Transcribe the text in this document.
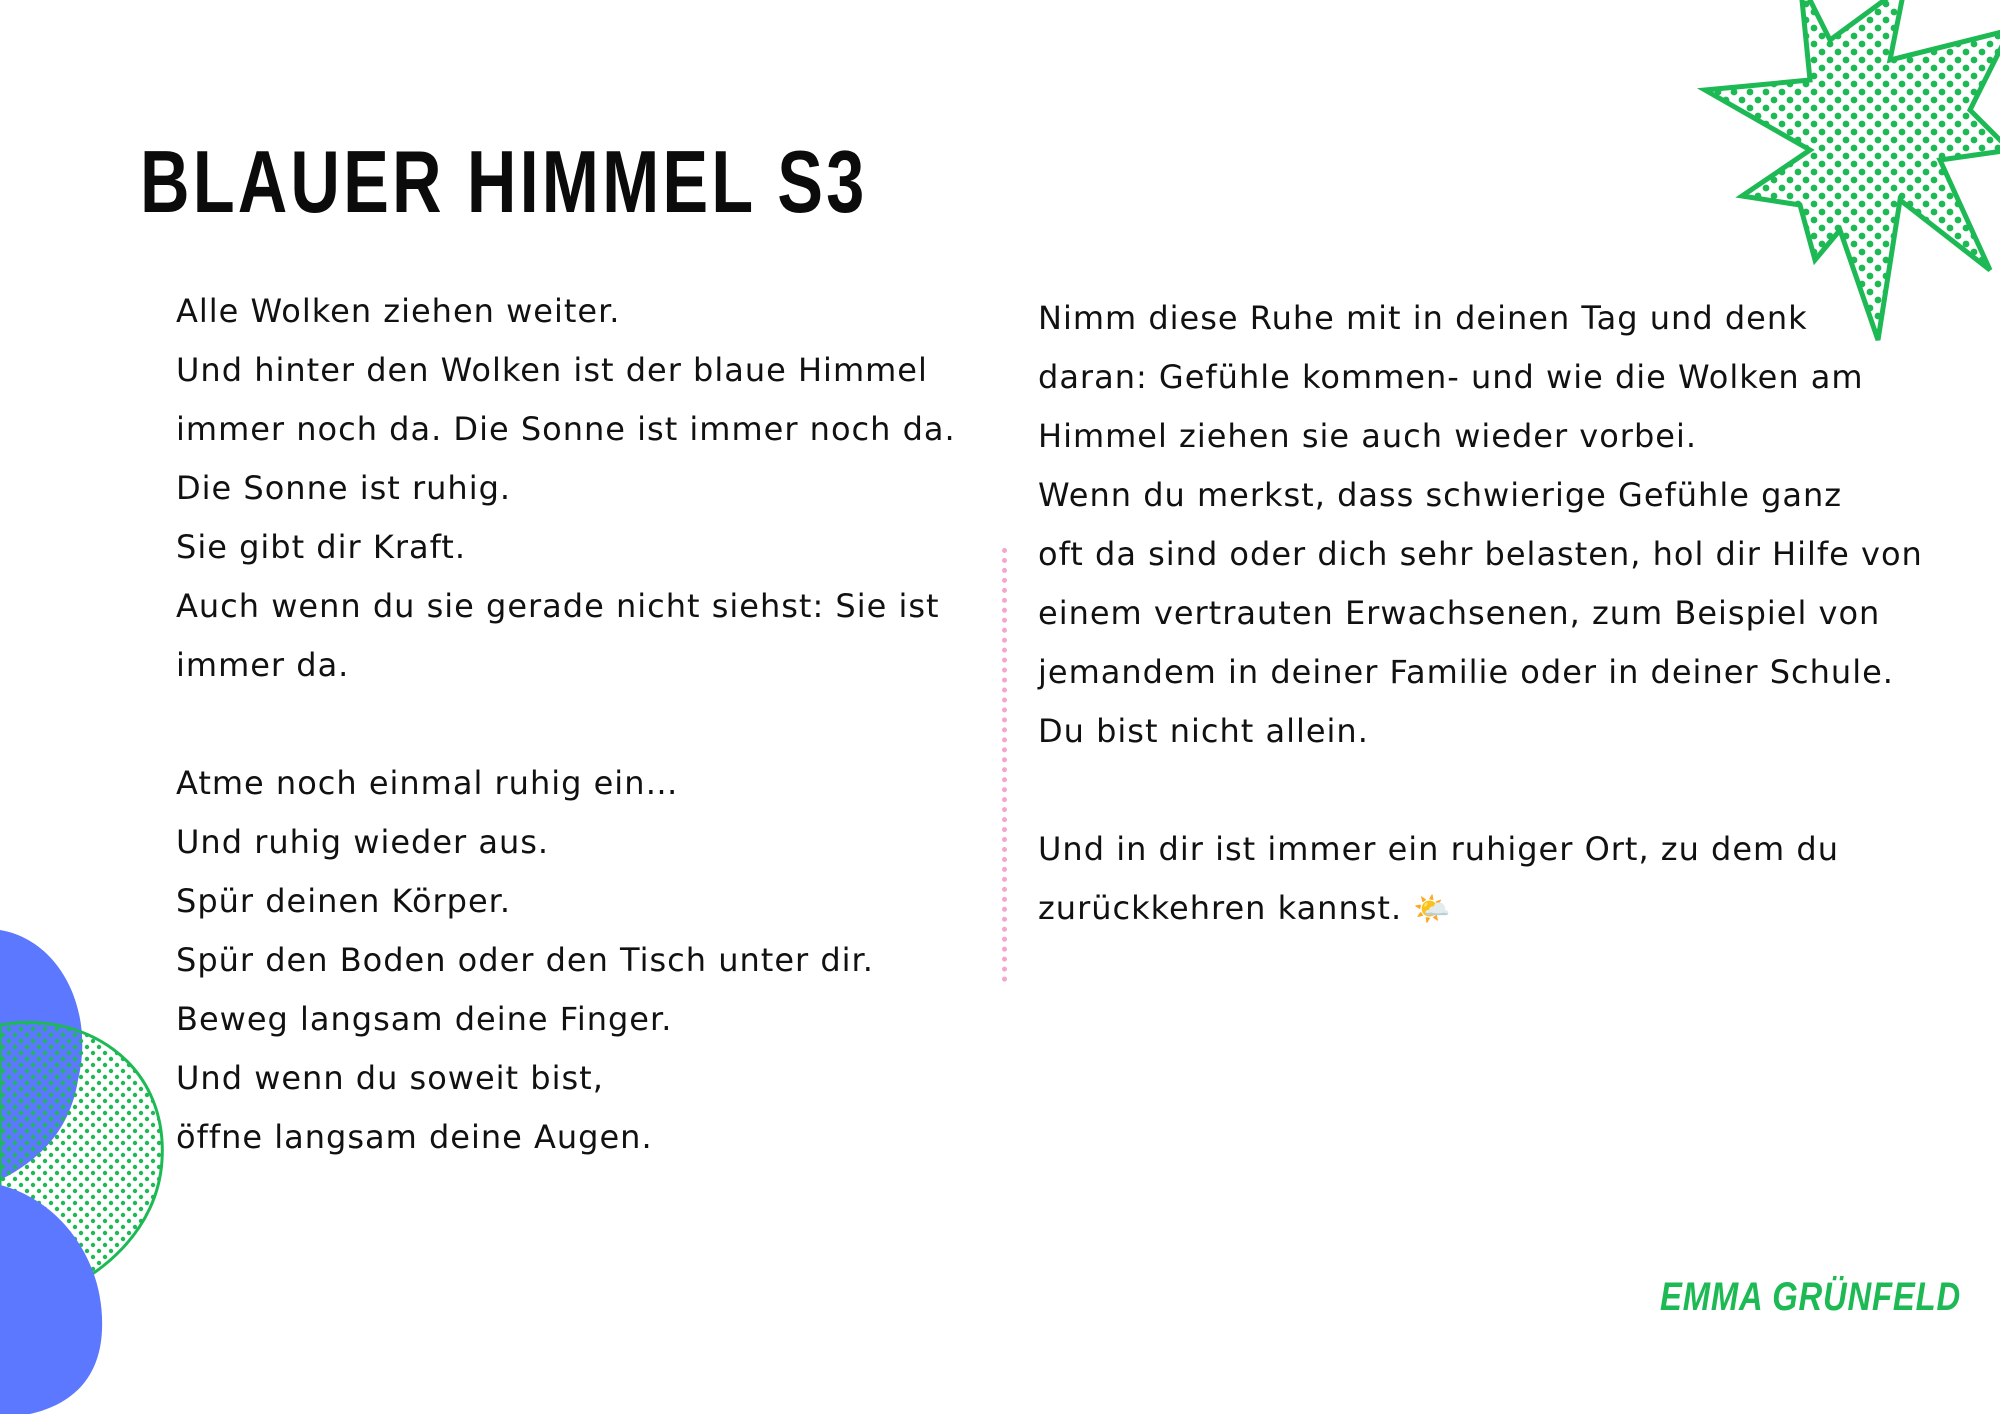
BLAUER HIMMEL S3
Alle Wolken ziehen weiter.
Und hinter den Wolken ist der blaue Himmel
immer noch da. Die Sonne ist immer noch da.
Die Sonne ist ruhig.
Sie gibt dir Kraft.
Auch wenn du sie gerade nicht siehst: Sie ist
immer da.
Atme noch einmal ruhig ein…
Und ruhig wieder aus.
Spür deinen Körper.
Spür den Boden oder den Tisch unter dir.
Beweg langsam deine Finger.
Und wenn du soweit bist,
öffne langsam deine Augen.
Nimm diese Ruhe mit in deinen Tag und denk
daran: Gefühle kommen- und wie die Wolken am
Himmel ziehen sie auch wieder vorbei.
Wenn du merkst, dass schwierige Gefühle ganz
oft da sind oder dich sehr belasten, hol dir Hilfe von
einem vertrauten Erwachsenen, zum Beispiel von
jemandem in deiner Familie oder in deiner Schule.
Du bist nicht allein.
Und in dir ist immer ein ruhiger Ort, zu dem du
zurückkehren kannst. 🌤️
EMMA GRÜNFELD
